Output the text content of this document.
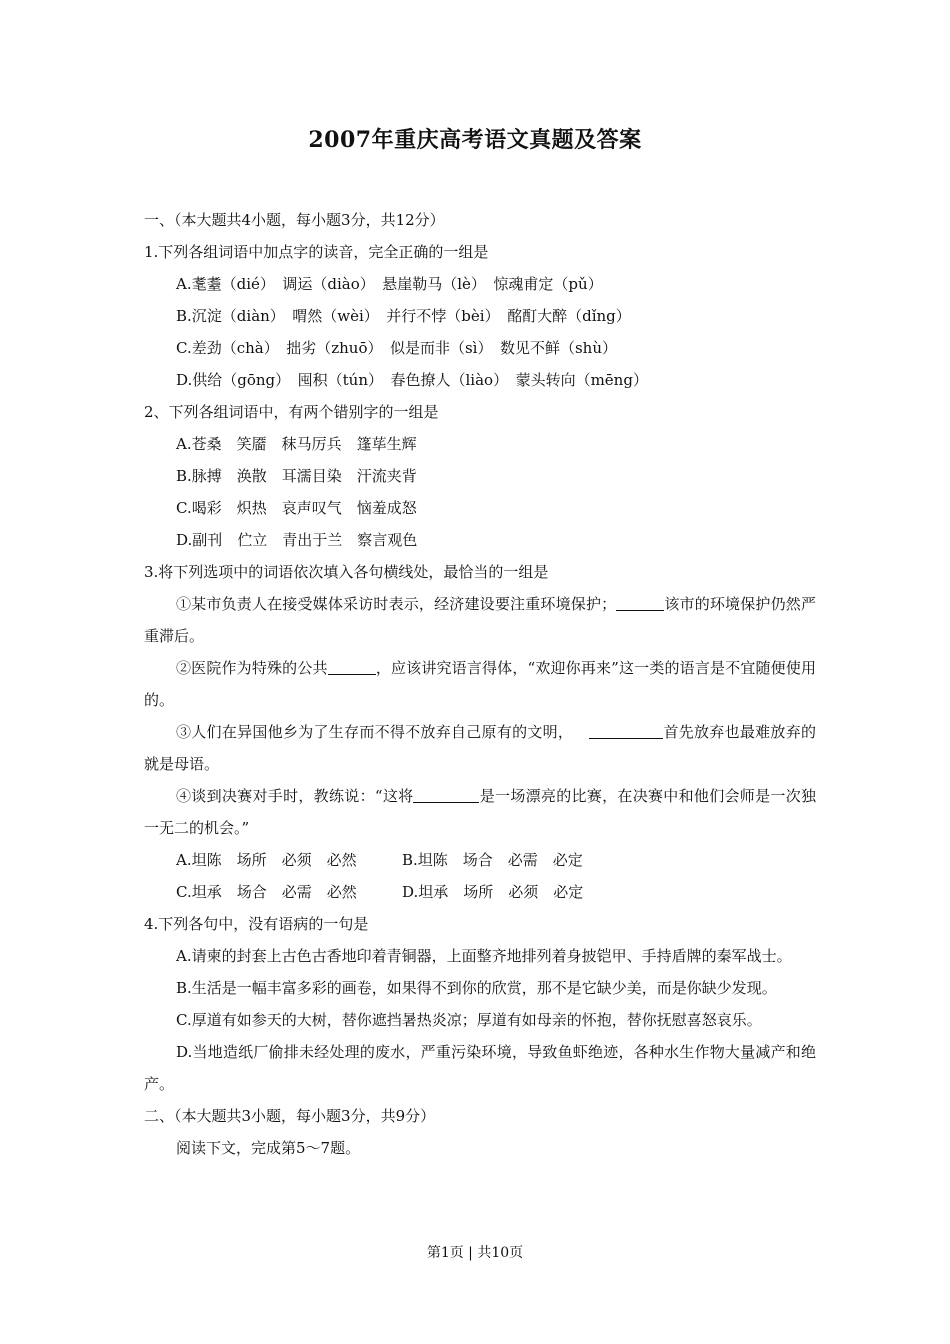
2007年重庆高考语文真题及答案
一、（本大题共4小题，每小题3分，共12分）
1.下列各组词语中加点字的读音，完全正确的一组是
A.耄耋（dié）　调运（diào）　悬崖勒马（lè）　惊魂甫定（pǔ）
B.沉淀（diàn）　喟然（wèi）　并行不悖（bèi）　酩酊大醉（dǐng）
C.差劲（chà）　拙劣（zhuō）　似是而非（sì）　数见不鲜（shù）
D.供给（gōng）　囤积（tún）　春色撩人（liào）　蒙头转向（mēng）
2、下列各组词语中，有两个错别字的一组是
A.苍桑　笑靥　秣马厉兵　篷荜生辉
B.脉搏　涣散　耳濡目染　汗流夹背
C.喝彩　炽热　哀声叹气　恼羞成怒
D.副刊　伫立　青出于兰　察言观色
3.将下列选项中的词语依次填入各句横线处，最恰当的一组是
①某市负责人在接受媒体采访时表示，经济建设要注重环境保护；	该市的环境保护仍然严重滞后。
②医院作为特殊的公共	，应该讲究语言得体，“欢迎你再来”这一类的语言是不宜随便使用的。
③人们在异国他乡为了生存而不得不放弃自己原有的文明，	首先放弃也最难放弃的就是母语。
④谈到决赛对手时，教练说：“这将	是一场漂亮的比赛，在决赛中和他们会师是一次独一无二的机会。”
A.坦陈　场所　必须　必然	B.坦陈　场合　必需　必定
C.坦承　场合　必需　必然	D.坦承　场所　必须　必定
4.下列各句中，没有语病的一句是
A.请柬的封套上古色古香地印着青铜器，上面整齐地排列着身披铠甲、手持盾牌的秦军战士。
B.生活是一幅丰富多彩的画卷，如果得不到你的欣赏，那不是它缺少美，而是你缺少发现。
C.厚道有如参天的大树，替你遮挡暑热炎凉；厚道有如母亲的怀抱，替你抚慰喜怒哀乐。
D.当地造纸厂偷排未经处理的废水，严重污染环境，导致鱼虾绝迹，各种水生作物大量减产和绝产。
二、（本大题共3小题，每小题3分，共9分）
阅读下文，完成第5～7题。
第1页 | 共10页
